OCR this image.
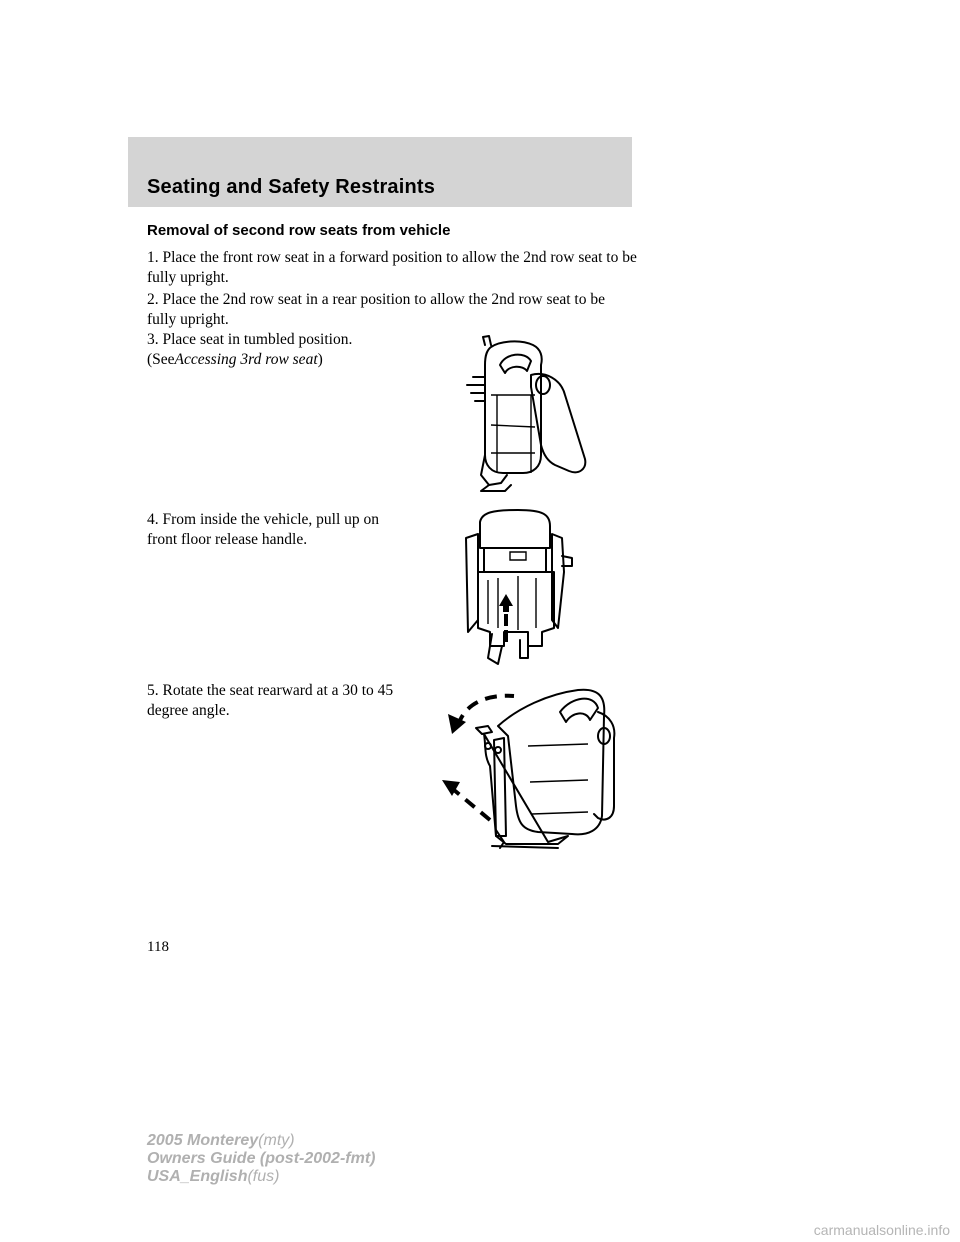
Seating and Safety Restraints
Removal of second row seats from vehicle

1. Place the front row seat in a forward position to allow the 2nd row seat to be fully upright.

2. Place the 2nd row seat in a rear position to allow the 2nd row seat to be fully upright.

3. Place seat in tumbled position. (SeeAccessing 3rd row seat)

4. From inside the vehicle, pull up on front floor release handle.

5. Rotate the seat rearward at a 30 to 45 degree angle.

118
2005 Monterey(mty)
Owners Guide (post-2002-fmt)
USA_English(fus)
carmanualsonline.info
